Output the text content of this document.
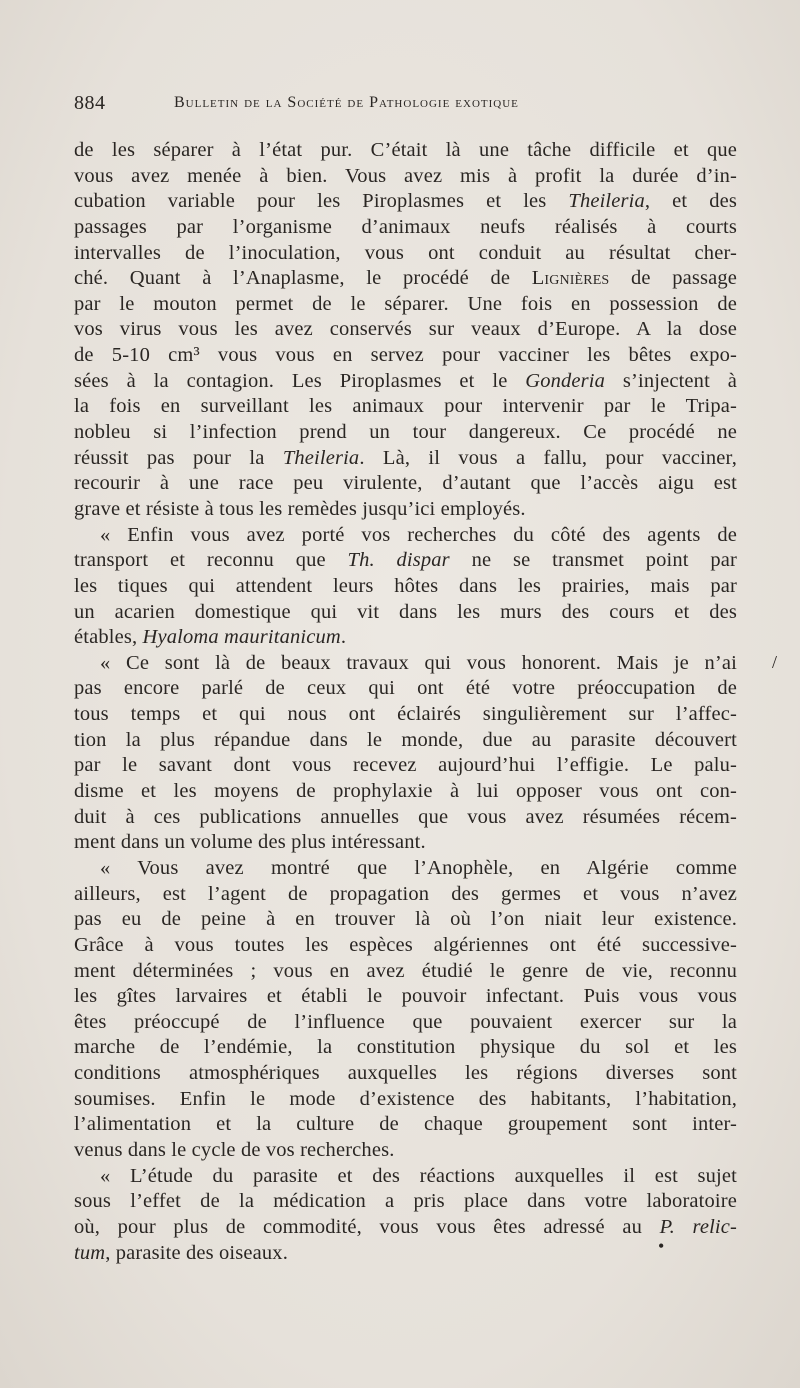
884	Bulletin de la Société de Pathologie exotique
de les séparer à l’état pur. C’était là une tâche difficile et que
vous avez menée à bien. Vous avez mis à profit la durée d’in-
cubation variable pour les Piroplasmes et les Theileria, et des
passages par l’organisme d’animaux neufs réalisés à courts
intervalles de l’inoculation, vous ont conduit au résultat cher-
ché. Quant à l’Anaplasme, le procédé de Lignières de passage
par le mouton permet de le séparer. Une fois en possession de
vos virus vous les avez conservés sur veaux d’Europe. A la dose
de 5-10 cm³ vous vous en servez pour vacciner les bêtes expo-
sées à la contagion. Les Piroplasmes et le Gonderia s’injectent à
la fois en surveillant les animaux pour intervenir par le Tripa-
nobleu si l’infection prend un tour dangereux. Ce procédé ne
réussit pas pour la Theileria. Là, il vous a fallu, pour vacciner,
recourir à une race peu virulente, d’autant que l’accès aigu est
grave et résiste à tous les remèdes jusqu’ici employés.
« Enfin vous avez porté vos recherches du côté des agents de
transport et reconnu que Th. dispar ne se transmet point par
les tiques qui attendent leurs hôtes dans les prairies, mais par
un acarien domestique qui vit dans les murs des cours et des
étables, Hyaloma mauritanicum.
« Ce sont là de beaux travaux qui vous honorent. Mais je n’ai
pas encore parlé de ceux qui ont été votre préoccupation de
tous temps et qui nous ont éclairés singulièrement sur l’affec-
tion la plus répandue dans le monde, due au parasite découvert
par le savant dont vous recevez aujourd’hui l’effigie. Le palu-
disme et les moyens de prophylaxie à lui opposer vous ont con-
duit à ces publications annuelles que vous avez résumées récem-
ment dans un volume des plus intéressant.
« Vous avez montré que l’Anophèle, en Algérie comme
ailleurs, est l’agent de propagation des germes et vous n’avez
pas eu de peine à en trouver là où l’on niait leur existence.
Grâce à vous toutes les espèces algériennes ont été successive-
ment déterminées ; vous en avez étudié le genre de vie, reconnu
les gîtes larvaires et établi le pouvoir infectant. Puis vous vous
êtes préoccupé de l’influence que pouvaient exercer sur la
marche de l’endémie, la constitution physique du sol et les
conditions atmosphériques auxquelles les régions diverses sont
soumises. Enfin le mode d’existence des habitants, l’habitation,
l’alimentation et la culture de chaque groupement sont inter-
venus dans le cycle de vos recherches.
« L’étude du parasite et des réactions auxquelles il est sujet
sous l’effet de la médication a pris place dans votre laboratoire
où, pour plus de commodité, vous vous êtes adressé au P. relic-
tum, parasite des oiseaux.
/
•
